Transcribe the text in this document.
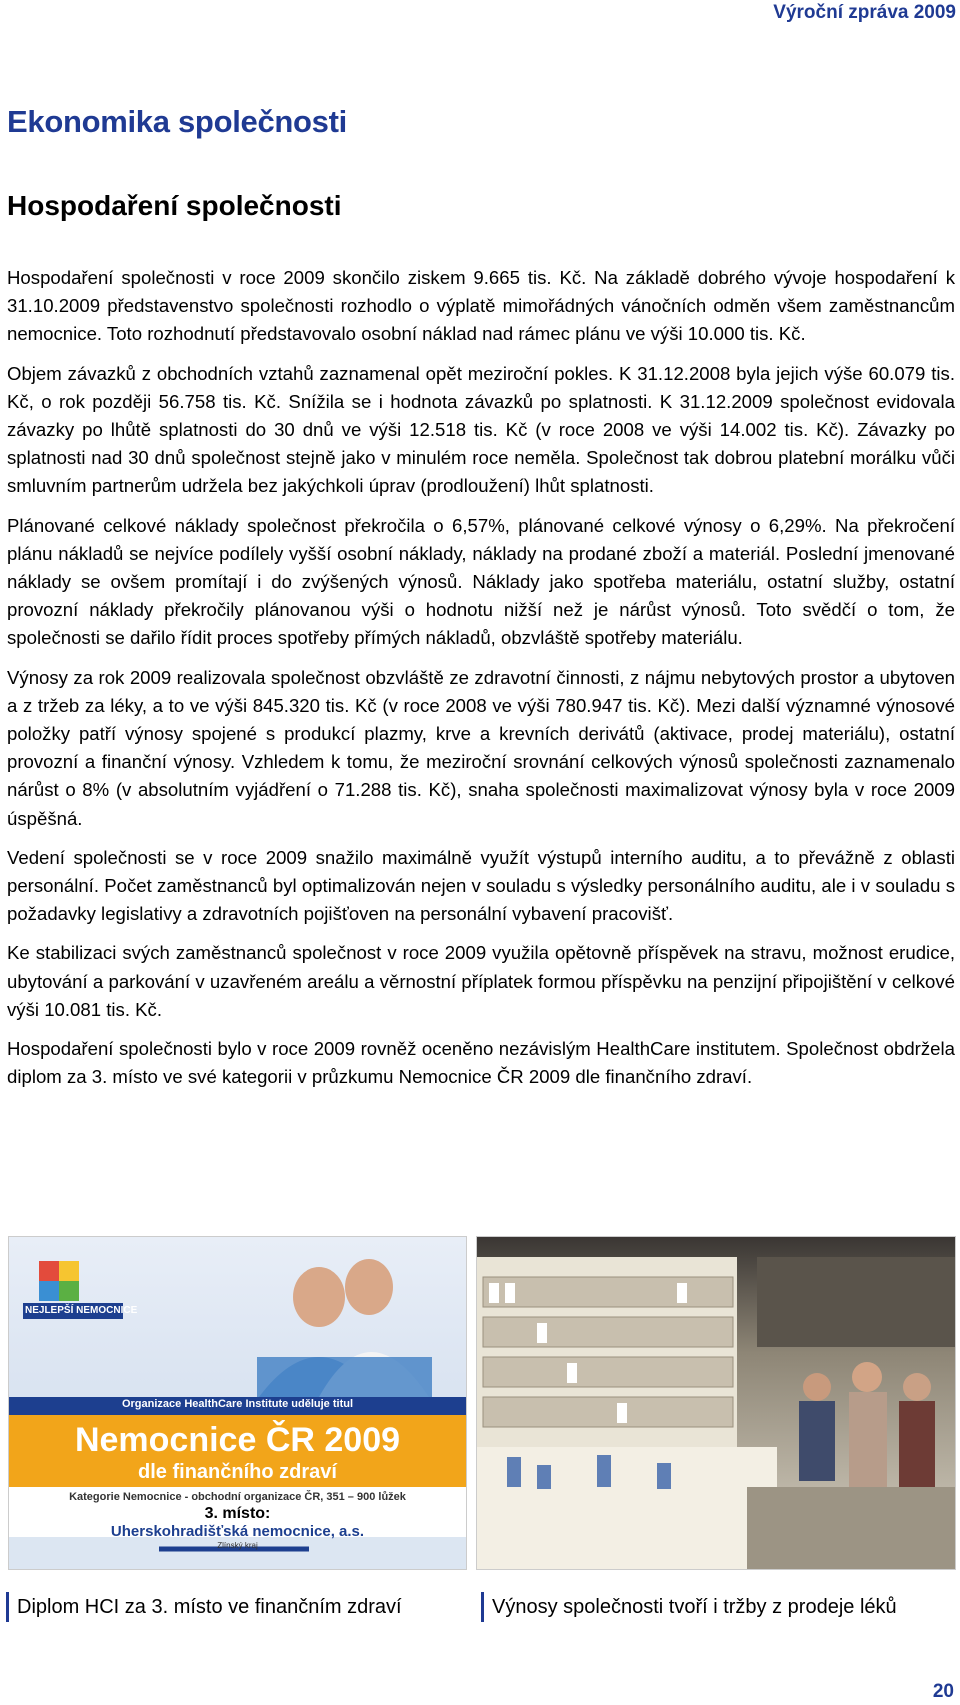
Výroční zpráva 2009
Ekonomika společnosti
Hospodaření společnosti

Hospodaření společnosti v roce 2009 skončilo ziskem 9.665 tis. Kč. Na základě dobrého vývoje hospodaření k 31.10.2009 představenstvo společnosti rozhodlo o výplatě mimořádných vánočních odměn všem zaměstnancům nemocnice. Toto rozhodnutí představovalo osobní náklad nad rámec plánu ve výši 10.000 tis. Kč.

Objem závazků z obchodních vztahů zaznamenal opět meziroční pokles. K 31.12.2008 byla jejich výše 60.079 tis. Kč, o rok později 56.758 tis. Kč. Snížila se i hodnota závazků po splatnosti. K 31.12.2009 společnost evidovala závazky po lhůtě splatnosti do 30 dnů ve výši 12.518 tis. Kč (v roce 2008 ve výši 14.002 tis. Kč). Závazky po splatnosti nad 30 dnů společnost stejně jako v minulém roce neměla. Společnost tak dobrou platební morálku vůči smluvním partnerům udržela bez jakýchkoli úprav (prodloužení) lhůt splatnosti.

Plánované celkové náklady společnost překročila o 6,57%, plánované celkové výnosy o 6,29%. Na překročení plánu nákladů se nejvíce podílely vyšší osobní náklady, náklady na prodané zboží a materiál. Poslední jmenované náklady se ovšem promítají i do zvýšených výnosů. Náklady jako spotřeba materiálu, ostatní služby, ostatní provozní náklady překročily plánovanou výši o hodnotu nižší než je nárůst výnosů. Toto svědčí o tom, že společnosti se dařilo řídit proces spotřeby přímých nákladů, obzvláště spotřeby materiálu.

Výnosy za rok 2009 realizovala společnost obzvláště ze zdravotní činnosti, z nájmu nebytových prostor a ubytoven a z tržeb za léky, a to ve výši 845.320 tis. Kč (v roce 2008 ve výši 780.947 tis. Kč). Mezi další významné výnosové položky patří výnosy spojené s produkcí plazmy, krve a krevních derivátů (aktivace, prodej materiálu), ostatní provozní a finanční výnosy. Vzhledem k tomu, že meziroční srovnání celkových výnosů společnosti zaznamenalo nárůst o 8% (v absolutním vyjádření o 71.288 tis. Kč), snaha společnosti maximalizovat výnosy byla v roce 2009 úspěšná.

Vedení společnosti se v roce 2009 snažilo maximálně využít výstupů interního auditu, a to převážně z oblasti personální. Počet zaměstnanců byl optimalizován nejen v souladu s výsledky personálního auditu, ale i v souladu s požadavky legislativy a zdravotních pojišťoven na personální vybavení pracovišť.

Ke stabilizaci svých zaměstnanců společnost v roce 2009 využila opětovně příspěvek na stravu, možnost erudice, ubytování a parkování v uzavřeném areálu a věrnostní příplatek formou příspěvku na penzijní připojištění v celkové výši 10.081 tis. Kč.

Hospodaření společnosti bylo v roce 2009 rovněž oceněno nezávislým HealthCare institutem. Společnost obdržela diplom za 3. místo ve své kategorii v průzkumu Nemocnice ČR 2009 dle finančního zdraví.

NEJLEPŠÍ NEMOCNICE
Organizace HealthCare Institute uděluje titul
Nemocnice ČR 2009
dle finančního zdraví
Kategorie Nemocnice - obchodní organizace ČR, 351 – 900 lůžek
3. místo:
Uherskohradišťská nemocnice, a.s.
Zlínský kraj
Diplom HCI za 3. místo ve finančním zdraví	Výnosy společnosti tvoří i tržby z prodeje léků
20
